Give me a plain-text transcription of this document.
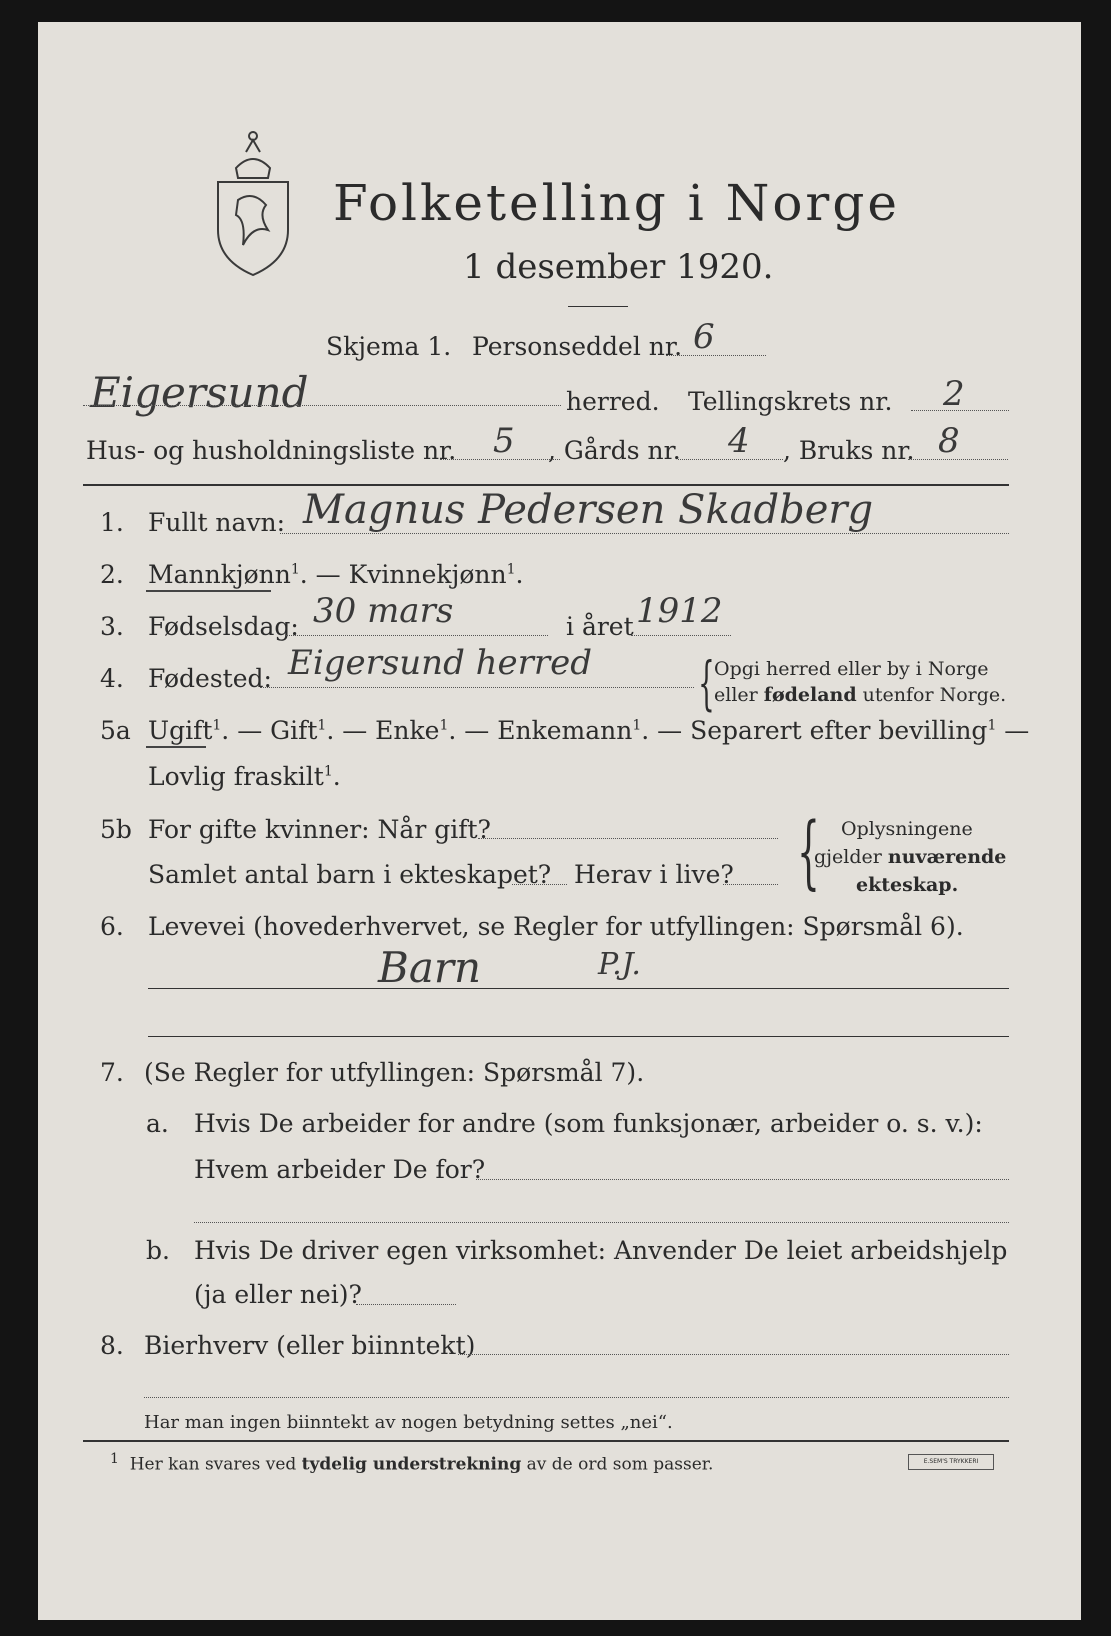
Folketelling i Norge
1 desember 1920.
Skjema 1. Personseddel nr. 6
Eigersund	herred. Tellingskrets nr. 2
Hus- og husholdningsliste nr. 5 , Gårds nr. 4 , Bruks nr. 8
1. Fullt navn: Magnus Pedersen Skadberg
2. Mannkjønn$^1$. — Kvinnekjønn$^1$.
3. Fødselsdag: 30 mars	i året 1912
4. Fødested: Eigersund herred { Opgi herred eller by i Norge
eller fødeland utenfor Norge.
5a Ugift$^1$. — Gift$^1$. — Enke$^1$. — Enkemann$^1$. — Separert efter bevilling$^1$ —
Lovlig fraskilt$^1$.
5b For gifte kvinner: Når gift?
Samlet antal barn i ekteskapet? Herav i live? { Oplysningene
gjelder nuværende
ekteskap.
6. Levevei (hovederhvervet, se Regler for utfyllingen: Spørsmål 6).
Barn	P.J.
7. (Se Regler for utfyllingen: Spørsmål 7).
a. Hvis De arbeider for andre (som funksjonær, arbeider o. s. v.):
Hvem arbeider De for?
b. Hvis De driver egen virksomhet: Anvender De leiet arbeidshjelp
(ja eller nei)?
8. Bierhverv (eller biinntekt)
Har man ingen biinntekt av nogen betydning settes „nei“.
$^1$ Her kan svares ved tydelig understrekning av de ord som passer.	E.SEM'S TRYKKERI
